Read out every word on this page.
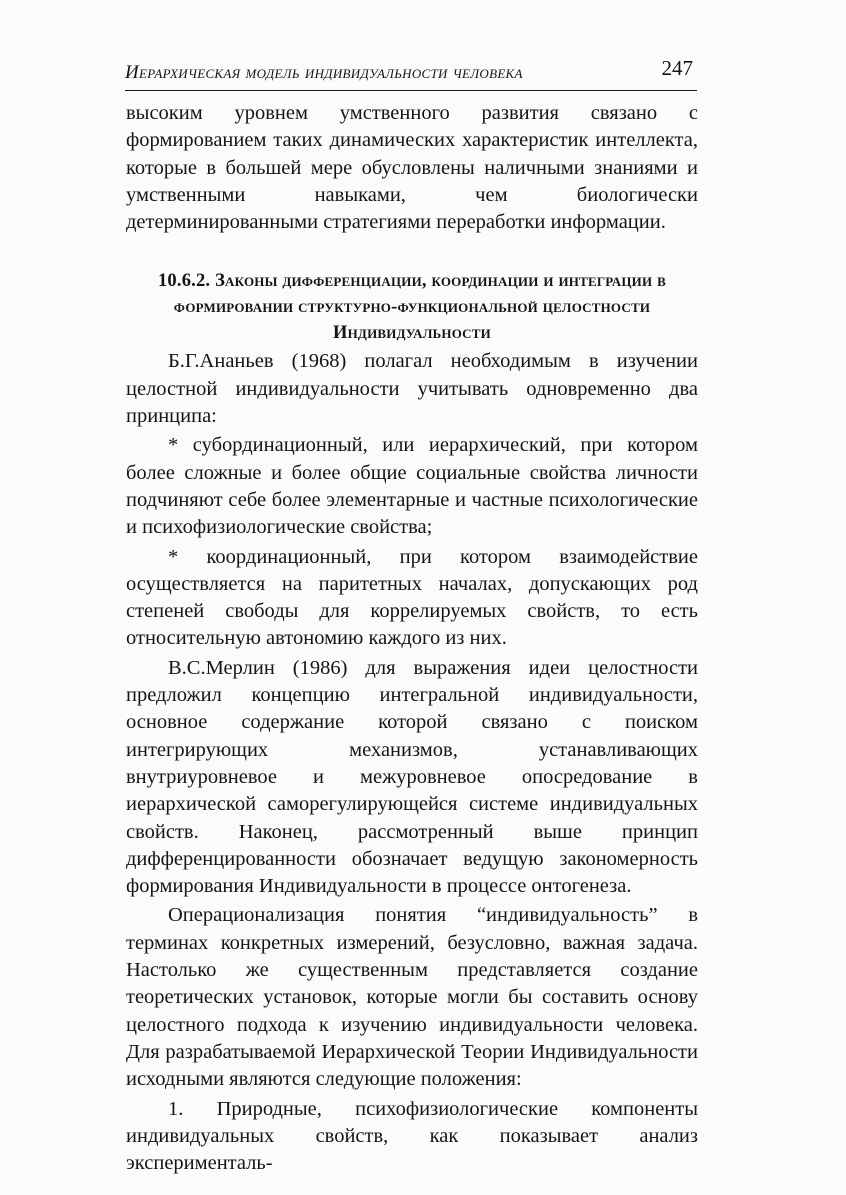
Иерархическая модель индивидуальности человека	247

высоким уровнем умственного развития связано с формированием таких динамических характеристик интеллекта, которые в большей мере обусловлены наличными знаниями и умственными навыками, чем биологически детерминированными стратегиями переработки информации.

10.6.2. Законы дифференциации, координации и интеграции в формировании структурно-функциональной целостности Индивидуальности

Б.Г.Ананьев (1968) полагал необходимым в изучении целостной индивидуальности учитывать одновременно два принципа:

* субординационный, или иерархический, при котором более сложные и более общие социальные свойства личности подчиняют себе более элементарные и частные психологические и психофизиологические свойства;

* координационный, при котором взаимодействие осуществляется на паритетных началах, допускающих род степеней свободы для коррелируемых свойств, то есть относительную автономию каждого из них.

В.С.Мерлин (1986) для выражения идеи целостности предложил концепцию интегральной индивидуальности, основное содержание которой связано с поиском интегрирующих механизмов, устанавливающих внутриуровневое и межуровневое опосредование в иерархической саморегулирующейся системе индивидуальных свойств. Наконец, рассмотренный выше принцип дифференцированности обозначает ведущую закономерность формирования Индивидуальности в процессе онтогенеза.

Операционализация понятия “индивидуальность” в терминах конкретных измерений, безусловно, важная задача. Настолько же существенным представляется создание теоретических установок, которые могли бы составить основу целостного подхода к изучению индивидуальности человека. Для разрабатываемой Иерархической Теории Индивидуальности исходными являются следующие положения:

1. Природные, психофизиологические компоненты индивидуальных свойств, как показывает анализ эксперименталь-
